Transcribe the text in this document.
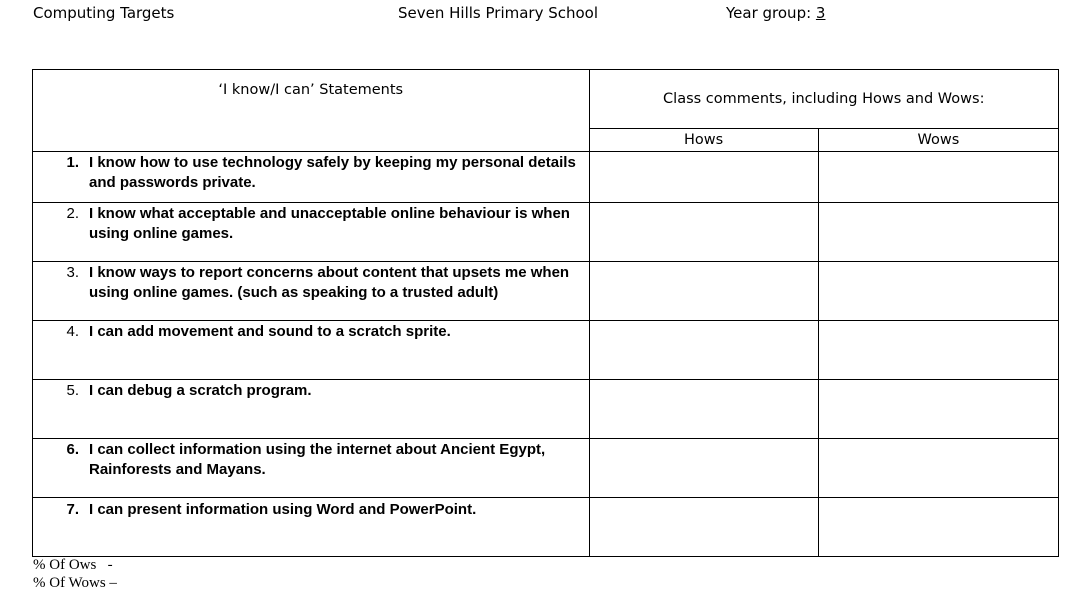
Computing Targets	Seven Hills Primary School	Year group: 3
‘I know/I can’ Statements	Class comments, including Hows and Wows:	
	Hows	Wows

1. I know how to use technology safely by keeping my personal details and passwords private.		

2. I know what acceptable and unacceptable online behaviour is when using online games.		

3. I know ways to report concerns about content that upsets me when using online games. (such as speaking to a trusted adult)		

4. I can add movement and sound to a scratch sprite.		

5. I can debug a scratch program.		

6. I can collect information using the internet about Ancient Egypt, Rainforests and Mayans.		

7. I can present information using Word and PowerPoint.		

% Of Ows   -
% Of Wows –
